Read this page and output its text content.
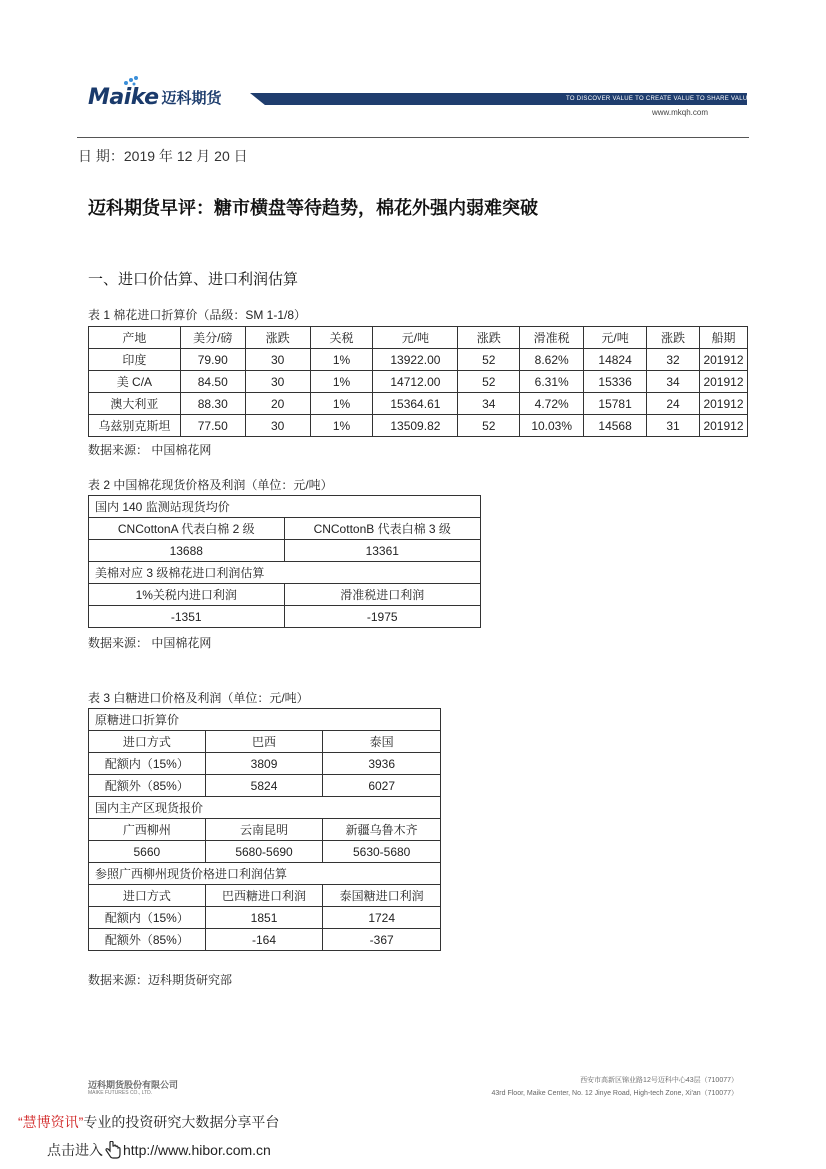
Maike 迈科期货	TO DISCOVER VALUE TO CREATE VALUE TO SHARE VALUE
www.mkqh.com
日 期：2019 年 12 月 20 日
迈科期货早评：糖市横盘等待趋势，棉花外强内弱难突破
一、进口价估算、进口利润估算
表 1 棉花进口折算价（品级：SM 1-1/8）
产地	美分/磅	涨跌	关税	元/吨	涨跌	滑准税	元/吨	涨跌	船期
印度	79.90	30	1%	13922.00	52	8.62%	14824	32	201912
美 C/A	84.50	30	1%	14712.00	52	6.31%	15336	34	201912
澳大利亚	88.30	20	1%	15364.61	34	4.72%	15781	24	201912
乌兹别克斯坦	77.50	30	1%	13509.82	52	10.03%	14568	31	201912
数据来源： 中国棉花网
表 2 中国棉花现货价格及利润（单位：元/吨）
国内 140 监测站现货均价	
CNCottonA 代表白棉 2 级	CNCottonB 代表白棉 3 级
13688	13361
美棉对应 3 级棉花进口利润估算	
1%关税内进口利润	滑准税进口利润
-1351	-1975
数据来源： 中国棉花网
表 3 白糖进口价格及利润（单位：元/吨）
原糖进口折算价		
进口方式	巴西	泰国
配额内（15%）	3809	3936
配额外（85%）	5824	6027
国内主产区现货报价		
广西柳州	云南昆明	新疆乌鲁木齐
5660	5680-5690	5630-5680
参照广西柳州现货价格进口利润估算		
进口方式	巴西糖进口利润	泰国糖进口利润
配额内（15%）	1851	1724
配额外（85%）	-164	-367
数据来源：迈科期货研究部
迈科期货股份有限公司
MAIKE FUTURES CO., LTD.
西安市高新区锦业路12号迈科中心43层（710077）
43rd Floor, Maike Center, No. 12 Jinye Road, High-tech Zone, Xi'an（710077）
“慧博资讯”专业的投资研究大数据分享平台
点击进入 http://www.hibor.com.cn
